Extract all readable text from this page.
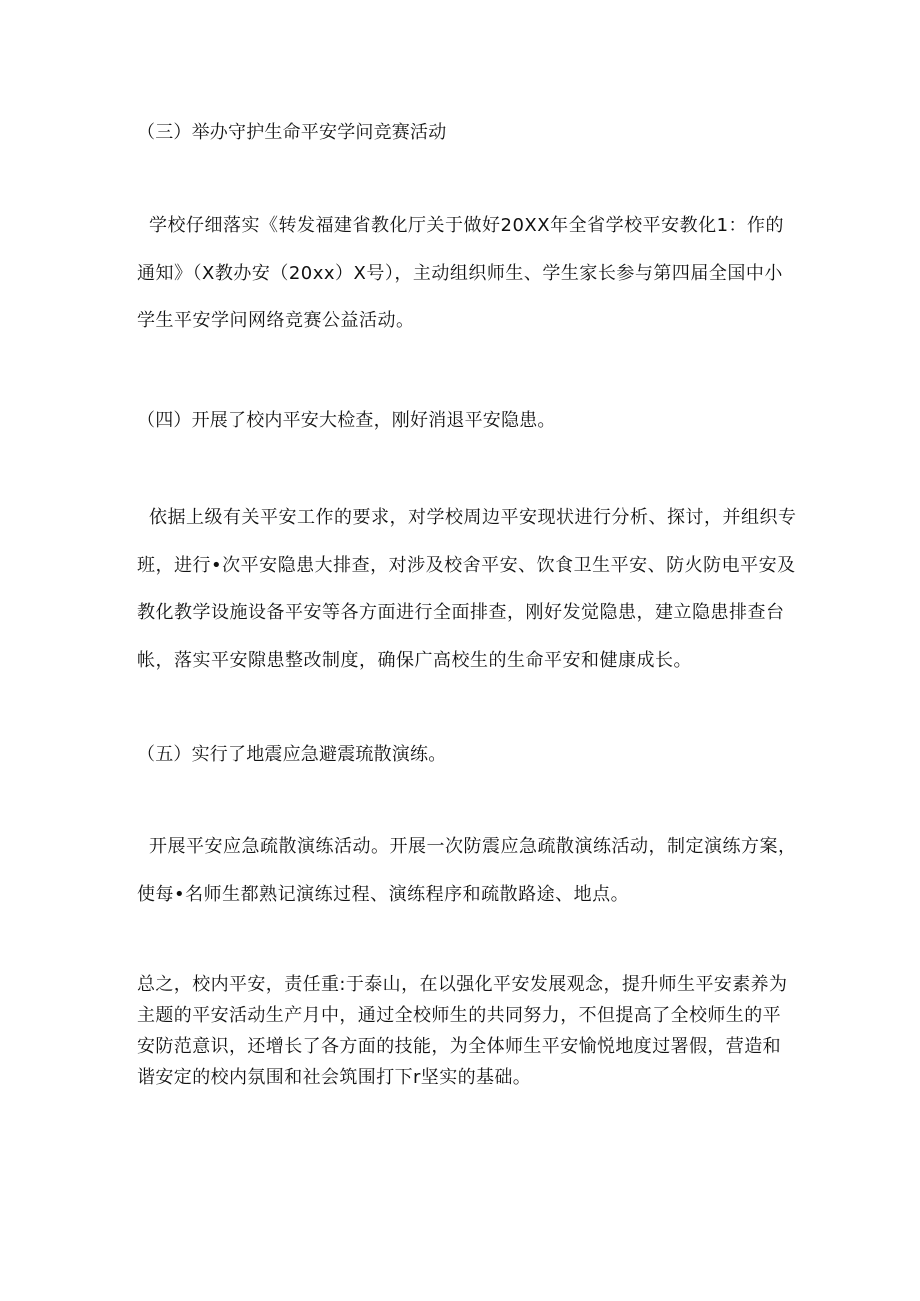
（三）举办守护生命平安学问竞赛活动
学校仔细落实《转发福建省教化厅关于做好20XX年全省学校平安教化1：作的通知》（X教办安（20xx）X号），主动组织师生、学生家长参与第四届全国中小学生平安学问网络竞赛公益活动。
（四）开展了校内平安大检查，刚好消退平安隐患。
依据上级有关平安工作的要求，对学校周边平安现状进行分析、探讨，并组织专班，进行•次平安隐患大排查，对涉及校舍平安、饮食卫生平安、防火防电平安及教化教学设施设备平安等各方面进行全面排查，刚好发觉隐患，建立隐患排查台帐，落实平安隙患整改制度，确保广高校生的生命平安和健康成长。
（五）实行了地震应急避震琉散演练。
开展平安应急疏散演练活动。开展一次防震应急疏散演练活动，制定演练方案，使每•名师生都熟记演练过程、演练程序和疏散路途、地点。
总之，校内平安，责任重:于泰山，在以强化平安发展观念，提升师生平安素养为主题的平安活动生产月中，通过全校师生的共同努力，不但提高了全校师生的平安防范意识，还增长了各方面的技能，为全体师生平安愉悦地度过署假，营造和谐安定的校内氛围和社会筑围打下r坚实的基础。
